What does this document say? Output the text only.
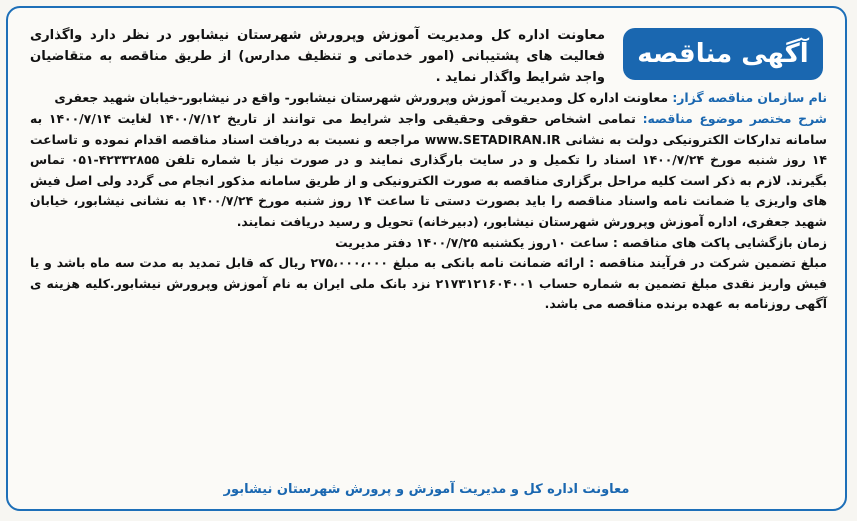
آگهی مناقصه

معاونت اداره کل ومدیریت آموزش وپرورش شهرستان نیشابور در نظر دارد واگذاری فعالیت های پشتیبانی (امور خدماتی و تنظیف مدارس) از طریق مناقصه به متقاضیان واجد شرایط واگذار نماید .

نام سازمان مناقصه گزار: معاونت اداره کل ومدیریت آموزش وپرورش شهرستان نیشابور- واقع در نیشابور-خیابان شهید جعفری

شرح مختصر موضوع مناقصه: تمامی اشخاص حقوقی وحقیقی واجد شرایط می توانند از تاریخ ۱۴۰۰/۷/۱۲ لغایت ۱۴۰۰/۷/۱۴ به سامانه تدارکات الکترونیکی دولت به نشانی www.SETADIRAN.IR مراجعه و نسبت به دریافت اسناد مناقصه اقدام نموده و تاساعت ۱۴ روز شنبه مورخ ۱۴۰۰/۷/۲۴ اسناد را تکمیل و در سایت بارگذاری نمایند و در صورت نیاز با شماره تلفن ۴۲۳۳۲۸۵۵-۰۵۱ تماس بگیرند. لازم به ذکر است کلیه مراحل برگزاری مناقصه به صورت الکترونیکی و از طریق سامانه مذکور انجام می گردد ولی اصل فیش های واریزی یا ضمانت نامه واسناد مناقصه را باید بصورت دستی تا ساعت ۱۴ روز شنبه مورخ ۱۴۰۰/۷/۲۴ به نشانی نیشابور، خیابان شهید جعفری، اداره آموزش وپرورش شهرستان نیشابور، (دبیرخانه) تحویل و رسید دریافت نمایند.

زمان بازگشایی پاکت های مناقصه : ساعت ۱۰روز یکشنبه ۱۴۰۰/۷/۲۵ دفتر مدیریت

مبلغ تضمین شرکت در فرآیند مناقصه : ارائه ضمانت نامه بانکی به مبلغ ۲۷۵،۰۰۰،۰۰۰ ریال که قابل تمدید به مدت سه ماه باشد و یا فیش واریز نقدی مبلغ تضمین به شماره حساب ۲۱۷۳۱۲۱۶۰۴۰۰۱ نزد بانک ملی ایران به نام آموزش وپرورش نیشابور.کلیه هزینه ی آگهی روزنامه به عهده برنده مناقصه می باشد.

معاونت اداره کل و مدیریت آموزش و پرورش شهرستان نیشابور
